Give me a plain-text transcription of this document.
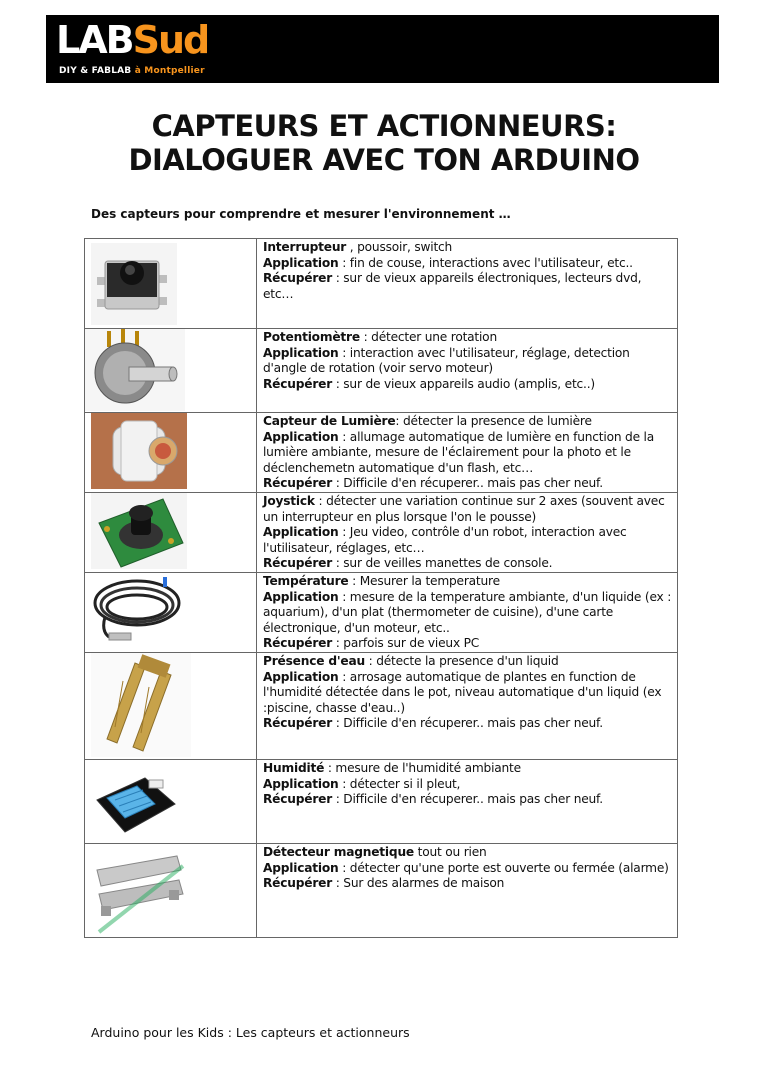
LABSud
DIY & FABLAB à Montpellier
CAPTEURS ET ACTIONNEURS:
DIALOGUER AVEC TON ARDUINO
Des capteurs pour comprendre et mesurer l'environnement …
	Interrupteur , poussoir, switch
Application : fin de couse, interactions avec l'utilisateur, etc..
Récupérer : sur de vieux appareils électroniques, lecteurs dvd, etc…

	Potentiomètre : détecter une rotation
Application : interaction avec l'utilisateur, réglage, detection d'angle de rotation (voir servo moteur)
Récupérer : sur de vieux appareils audio (amplis, etc..)

	Capteur de Lumière: détecter la presence de lumière
Application : allumage automatique de lumière en function de la lumière ambiante, mesure de l'éclairement pour la photo et le déclenchemetn automatique d'un flash, etc…
Récupérer : Difficile d'en récuperer.. mais pas cher neuf.

	Joystick : détecter une variation continue sur 2 axes (souvent avec un interrupteur en plus lorsque l'on le pousse)
Application : Jeu video, contrôle d'un robot, interaction avec l'utilisateur, réglages, etc…
Récupérer : sur de veilles manettes de console.

	Température : Mesurer la temperature
Application : mesure de la temperature ambiante, d'un liquide (ex : aquarium), d'un plat (thermometer de cuisine), d'une carte électronique, d'un moteur, etc..
Récupérer : parfois sur de vieux PC

	Présence d'eau : détecte la presence d'un liquid
Application : arrosage automatique de plantes en function de l'humidité détectée dans le pot, niveau automatique d'un liquid (ex :piscine, chasse d'eau..)
Récupérer : Difficile d'en récuperer.. mais pas cher neuf.

	Humidité : mesure de l'humidité ambiante
Application : détecter si il pleut,
Récupérer : Difficile d'en récuperer.. mais pas cher neuf.

	Détecteur magnetique tout ou rien
Application : détecter qu'une porte est ouverte ou fermée (alarme)
Récupérer : Sur des alarmes de maison
Arduino pour les Kids : Les capteurs et actionneurs
